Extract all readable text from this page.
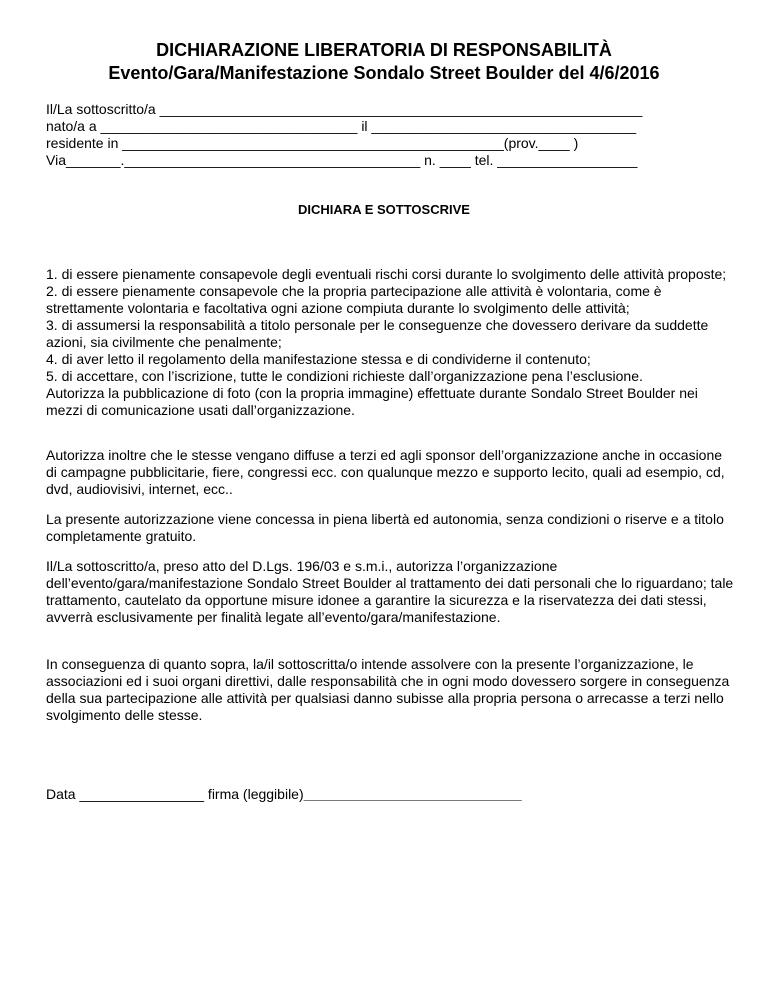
DICHIARAZIONE LIBERATORIA DI RESPONSABILITÀ
Evento/Gara/Manifestazione Sondalo Street Boulder del 4/6/2016
Il/La sottoscritto/a ______________________________________________________________
nato/a a _________________________________ il __________________________________
residente in _________________________________________________(prov.____ )
Via_______.______________________________________ n. ____ tel. __________________
DICHIARA E SOTTOSCRIVE

1. di essere pienamente consapevole degli eventuali rischi corsi durante lo svolgimento delle attività proposte;

2. di essere pienamente consapevole che la propria partecipazione alle attività è volontaria, come è strettamente volontaria e facoltativa ogni azione compiuta durante lo svolgimento delle attività;

3. di assumersi la responsabilità a titolo personale per le conseguenze che dovessero derivare da suddette azioni, sia civilmente che penalmente;

4. di aver letto il regolamento della manifestazione stessa e di condividerne il contenuto;

5. di accettare, con l’iscrizione, tutte le condizioni richieste dall’organizzazione pena l’esclusione.

Autorizza la pubblicazione di foto (con la propria immagine) effettuate durante Sondalo Street Boulder nei mezzi di comunicazione usati dall’organizzazione.

Autorizza inoltre che le stesse vengano diffuse a terzi ed agli sponsor dell’organizzazione anche in occasione di campagne pubblicitarie, fiere, congressi ecc. con qualunque mezzo e supporto lecito, quali ad esempio, cd, dvd, audiovisivi, internet, ecc..
La presente autorizzazione viene concessa in piena libertà ed autonomia, senza condizioni o riserve e a titolo completamente gratuito.
Il/La sottoscritto/a, preso atto del D.Lgs. 196/03 e s.m.i., autorizza l’organizzazione dell’evento/gara/manifestazione Sondalo Street Boulder al trattamento dei dati personali che lo riguardano; tale trattamento, cautelato da opportune misure idonee a garantire la sicurezza e la riservatezza dei dati stessi, avverrà esclusivamente per finalità legate all’evento/gara/manifestazione.
In conseguenza di quanto sopra, la/il sottoscritta/o intende assolvere con la presente l’organizzazione, le associazioni ed i suoi organi direttivi, dalle responsabilità che in ogni modo dovessero sorgere in conseguenza della sua partecipazione alle attività per qualsiasi danno subisse alla propria persona o arrecasse a terzi nello svolgimento delle stesse.
Data ________________ firma (leggibile)____________________________
